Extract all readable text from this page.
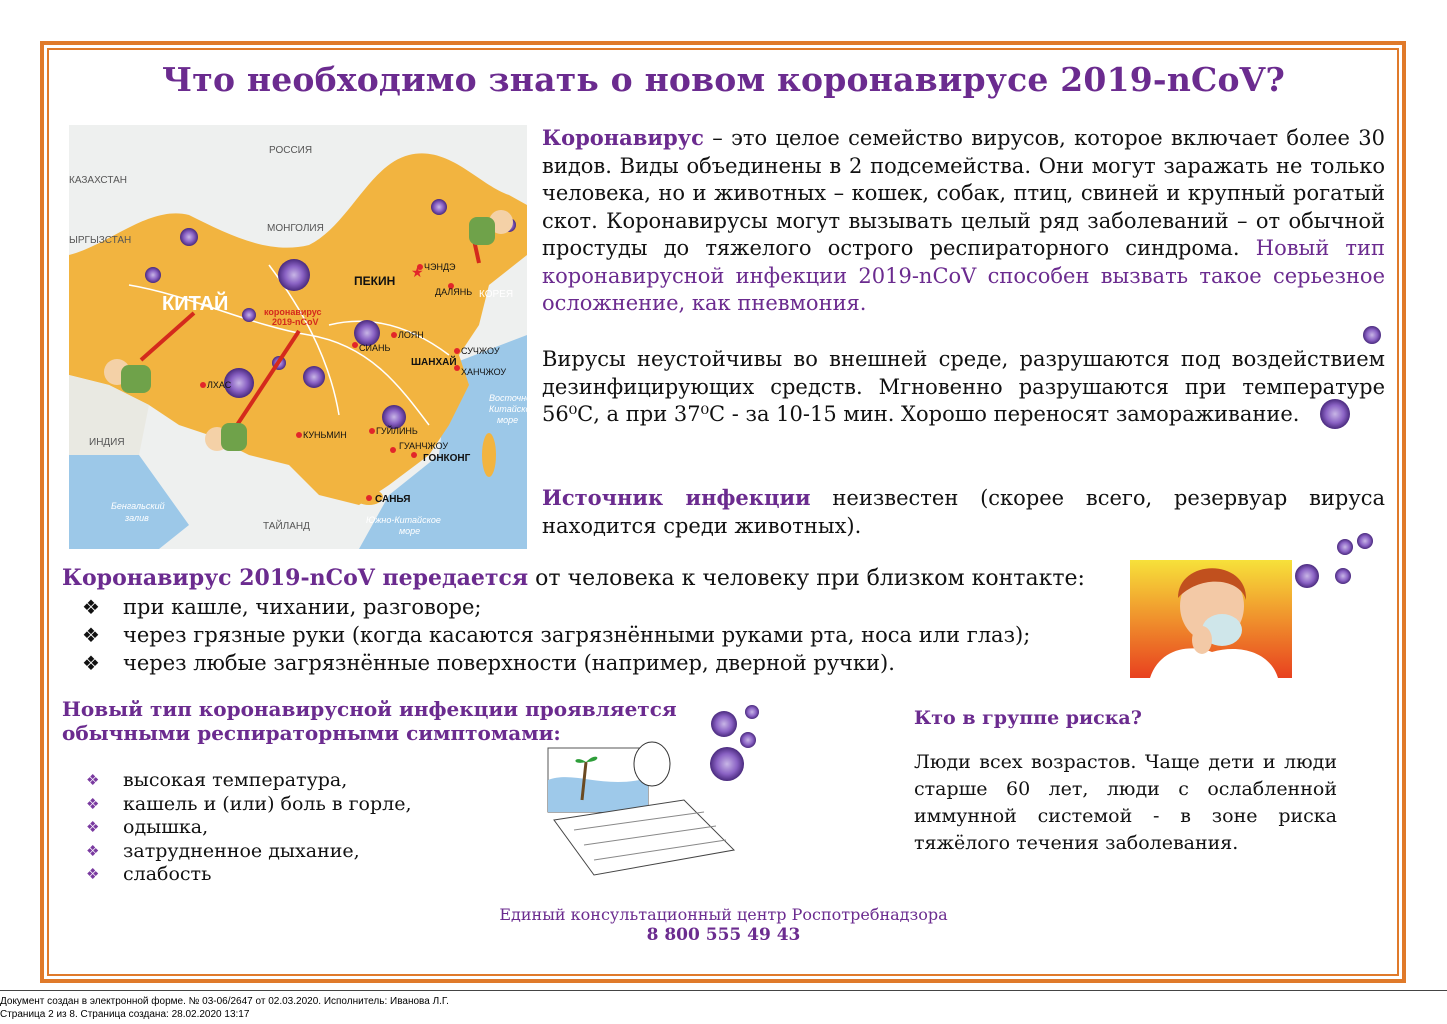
Что необходимо знать о новом коронавирусе 2019-nCoV?
★
РОССИЯ
КАЗАХСТАН
ЫРГЫЗСТАН
МОНГОЛИЯ
ИНДИЯ
ТАЙЛАНД
КОРЕЯ
КИТАЙ
Бенгальский
залив
Восточно-
Китайское
море
Южно-Китайское
море
коронавирус
2019-nCoV
ПЕКИН
ЧЭНДЭ
ДАЛЯНЬ
ЛОЯН
СИАНЬ	СУЧЖОУ
ШАНХАЙ
ХАНЧЖОУ
ЛХАС
КУНЬМИН	ГУЙЛИНЬ
ГУАНЧЖОУ
ГОНКОНГ
САНЬЯ

Коронавирус – это целое семейство вирусов, которое включает более 30 видов. Виды объединены в 2 подсемейства. Они могут заражать не только человека, но и животных – кошек, собак, птиц, свиней и крупный рогатый скот. Коронавирусы могут вызывать целый ряд заболеваний – от обычной простуды до тяжелого острого респираторного синдрома. Новый тип коронавирусной инфекции 2019-nCoV способен вызвать такое серьезное осложнение, как пневмония.

Вирусы неустойчивы во внешней среде, разрушаются под воздействием дезинфицирующих средств. Мгновенно разрушаются при температуре 56⁰С, а при 37⁰С - за 10-15 мин. Хорошо переносят замораживание.

Источник инфекции неизвестен (скорее всего, резервуар вируса находится среди животных).

Коронавирус 2019-nCoV передается от человека к человеку при близком контакте:
❖ при кашле, чихании, разговоре;
❖ через грязные руки (когда касаются загрязнёнными руками рта, носа или глаз);
❖ через любые загрязнённые поверхности (например, дверной ручки).
Новый тип коронавирусной инфекции проявляется
обычными респираторными симптомами:
❖ высокая температура,
❖ кашель и (или) боль в горле,
❖ одышка,
❖ затрудненное дыхание,
❖ слабость
Кто в группе риска?

Люди всех возрастов. Чаще дети и люди старше 60 лет, люди с ослабленной иммунной системой - в зоне риска тяжёлого течения заболевания.

Единый консультационный центр Роспотребнадзора
8 800 555 49 43
Документ создан в электронной форме. № 03-06/2647 от 02.03.2020. Исполнитель: Иванова Л.Г.
Страница 2 из 8. Страница создана: 28.02.2020 13:17
